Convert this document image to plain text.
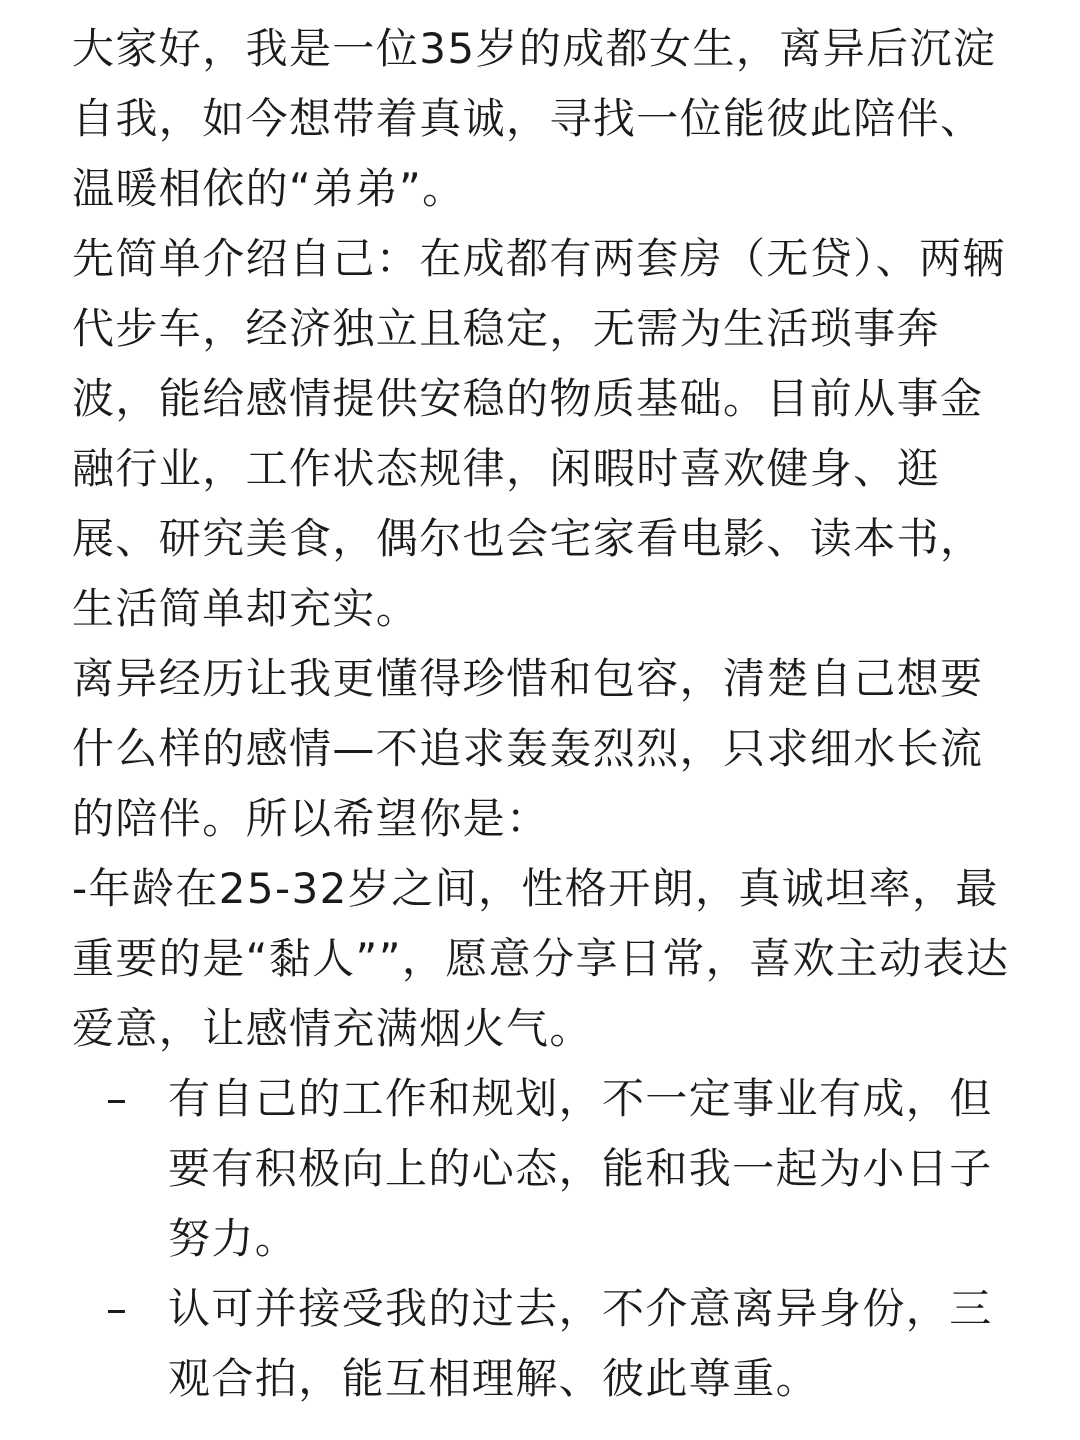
大家好，我是一位35岁的成都女生，离异后沉淀自我，如今想带着真诚，寻找一位能彼此陪伴、温暖相依的“弟弟”。

先简单介绍自己：在成都有两套房（无贷）、两辆代步车，经济独立且稳定，无需为生活琐事奔波，能给感情提供安稳的物质基础。目前从事金融行业，工作状态规律，闲暇时喜欢健身、逛展、研究美食，偶尔也会宅家看电影、读本书，生活简单却充实。

离异经历让我更懂得珍惜和包容，清楚自己想要什么样的感情—不追求轰轰烈烈，只求细水长流的陪伴。所以希望你是：

-年龄在25-32岁之间，性格开朗，真诚坦率，最重要的是“黏人””，愿意分享日常，喜欢主动表达爱意，让感情充满烟火气。

– 有自己的工作和规划，不一定事业有成，但要有积极向上的心态，能和我一起为小日子努力。
– 认可并接受我的过去，不介意离异身份，三观合拍，能互相理解、彼此尊重。
